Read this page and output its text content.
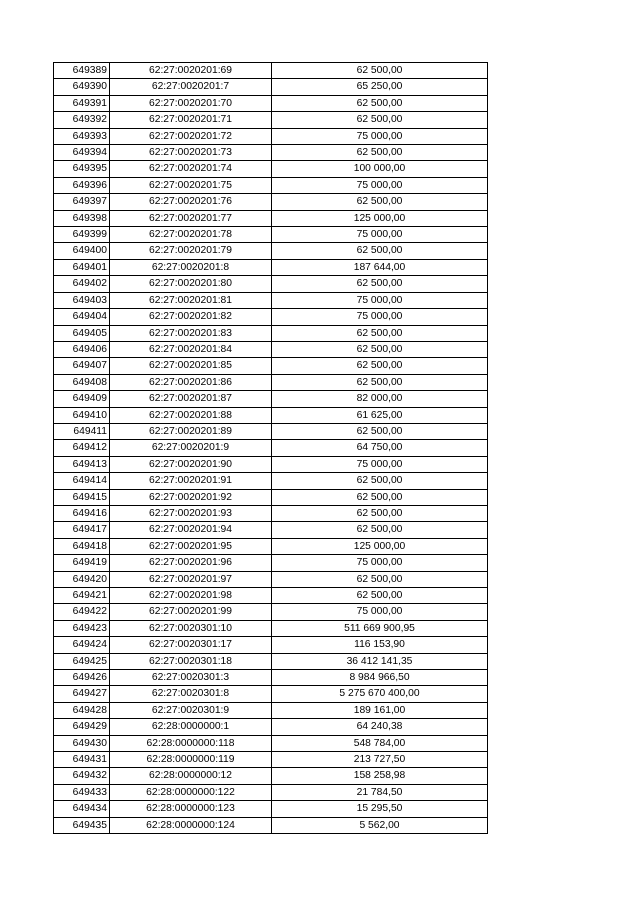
649389	62:27:0020201:69	62 500,00
649390	62:27:0020201:7	65 250,00
649391	62:27:0020201:70	62 500,00
649392	62:27:0020201:71	62 500,00
649393	62:27:0020201:72	75 000,00
649394	62:27:0020201:73	62 500,00
649395	62:27:0020201:74	100 000,00
649396	62:27:0020201:75	75 000,00
649397	62:27:0020201:76	62 500,00
649398	62:27:0020201:77	125 000,00
649399	62:27:0020201:78	75 000,00
649400	62:27:0020201:79	62 500,00
649401	62:27:0020201:8	187 644,00
649402	62:27:0020201:80	62 500,00
649403	62:27:0020201:81	75 000,00
649404	62:27:0020201:82	75 000,00
649405	62:27:0020201:83	62 500,00
649406	62:27:0020201:84	62 500,00
649407	62:27:0020201:85	62 500,00
649408	62:27:0020201:86	62 500,00
649409	62:27:0020201:87	82 000,00
649410	62:27:0020201:88	61 625,00
649411	62:27:0020201:89	62 500,00
649412	62:27:0020201:9	64 750,00
649413	62:27:0020201:90	75 000,00
649414	62:27:0020201:91	62 500,00
649415	62:27:0020201:92	62 500,00
649416	62:27:0020201:93	62 500,00
649417	62:27:0020201:94	62 500,00
649418	62:27:0020201:95	125 000,00
649419	62:27:0020201:96	75 000,00
649420	62:27:0020201:97	62 500,00
649421	62:27:0020201:98	62 500,00
649422	62:27:0020201:99	75 000,00
649423	62:27:0020301:10	511 669 900,95
649424	62:27:0020301:17	116 153,90
649425	62:27:0020301:18	36 412 141,35
649426	62:27:0020301:3	8 984 966,50
649427	62:27:0020301:8	5 275 670 400,00
649428	62:27:0020301:9	189 161,00
649429	62:28:0000000:1	64 240,38
649430	62:28:0000000:118	548 784,00
649431	62:28:0000000:119	213 727,50
649432	62:28:0000000:12	158 258,98
649433	62:28:0000000:122	21 784,50
649434	62:28:0000000:123	15 295,50
649435	62:28:0000000:124	5 562,00
